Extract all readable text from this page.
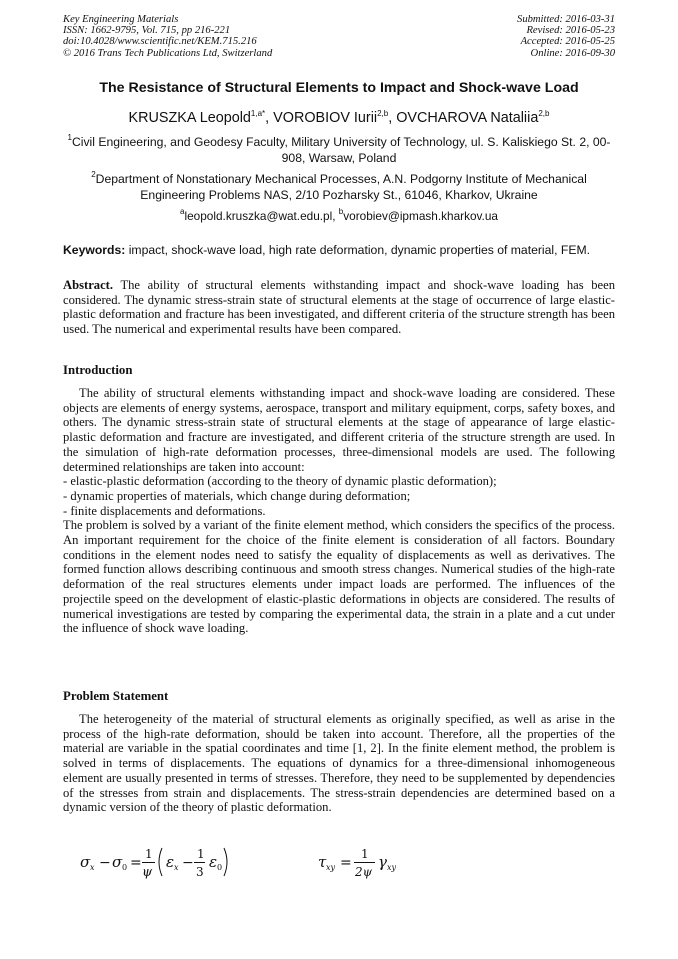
Key Engineering Materials
ISSN: 1662-9795, Vol. 715, pp 216-221
doi:10.4028/www.scientific.net/KEM.715.216
© 2016 Trans Tech Publications Ltd, Switzerland
Submitted: 2016-03-31
Revised: 2016-05-23
Accepted: 2016-05-25
Online: 2016-09-30
The Resistance of Structural Elements to Impact and Shock-wave Load
KRUSZKA Leopold$^{1,a*}$, VOROBIOV Iurii$^{2,b}$, OVCHAROVA Nataliia$^{2,b}$
$^1$Civil Engineering, and Geodesy Faculty, Military University of Technology, ul. S. Kaliskiego St. 2, 00-908, Warsaw, Poland
$^2$Department of Nonstationary Mechanical Processes, A.N. Podgorny Institute of Mechanical Engineering Problems NAS, 2/10 Pozharsky St., 61046, Kharkov, Ukraine
$^a$leopold.kruszka@wat.edu.pl, $^b$vorobiev@ipmash.kharkov.ua
Keywords: impact, shock-wave load, high rate deformation, dynamic properties of material, FEM.
Abstract. The ability of structural elements withstanding impact and shock-wave loading has been considered. The dynamic stress-strain state of structural elements at the stage of occurrence of large elastic-plastic deformation and fracture has been investigated, and different criteria of the structure strength has been used. The numerical and experimental results have been compared.
Introduction
The ability of structural elements withstanding impact and shock-wave loading are considered. These objects are elements of energy systems, aerospace, transport and military equipment, corps, safety boxes, and others. The dynamic stress-strain state of structural elements at the stage of appearance of large elastic-plastic deformation and fracture are investigated, and different criteria of the structure strength are used. In the simulation of high-rate deformation processes, three-dimensional models are used. The following determined relationships are taken into account:
- elastic-plastic deformation (according to the theory of dynamic plastic deformation);
- dynamic properties of materials, which change during deformation;
- finite displacements and deformations.
The problem is solved by a variant of the finite element method, which considers the specifics of the process. An important requirement for the choice of the finite element is consideration of all factors. Boundary conditions in the element nodes need to satisfy the equality of displacements as well as derivatives. The formed function allows describing continuous and smooth stress changes. Numerical studies of the high-rate deformation of the real structures elements under impact loads are performed. The influences of the projectile speed on the development of elastic-plastic deformations in objects are considered. The results of numerical investigations are tested by comparing the experimental data, the strain in a plate and a cut under the influence of shock wave loading.
Problem Statement
The heterogeneity of the material of structural elements as originally specified, as well as arise in the process of the high-rate deformation, should be taken into account. Therefore, all the properties of the material are variable in the spatial coordinates and time [1, 2]. In the finite element method, the problem is solved in terms of displacements. The equations of dynamics for a three-dimensional inhomogeneous element are usually presented in terms of stresses. Therefore, they need to be supplemented by dependencies of the stresses from strain and displacements. The stress-strain dependencies are determined based on a dynamic version of the theory of plastic deformation.
σ x − σ 0 =
1
ψ
ε x −
1
3
ε 0	τ xy =
1
2ψ
γ xy
